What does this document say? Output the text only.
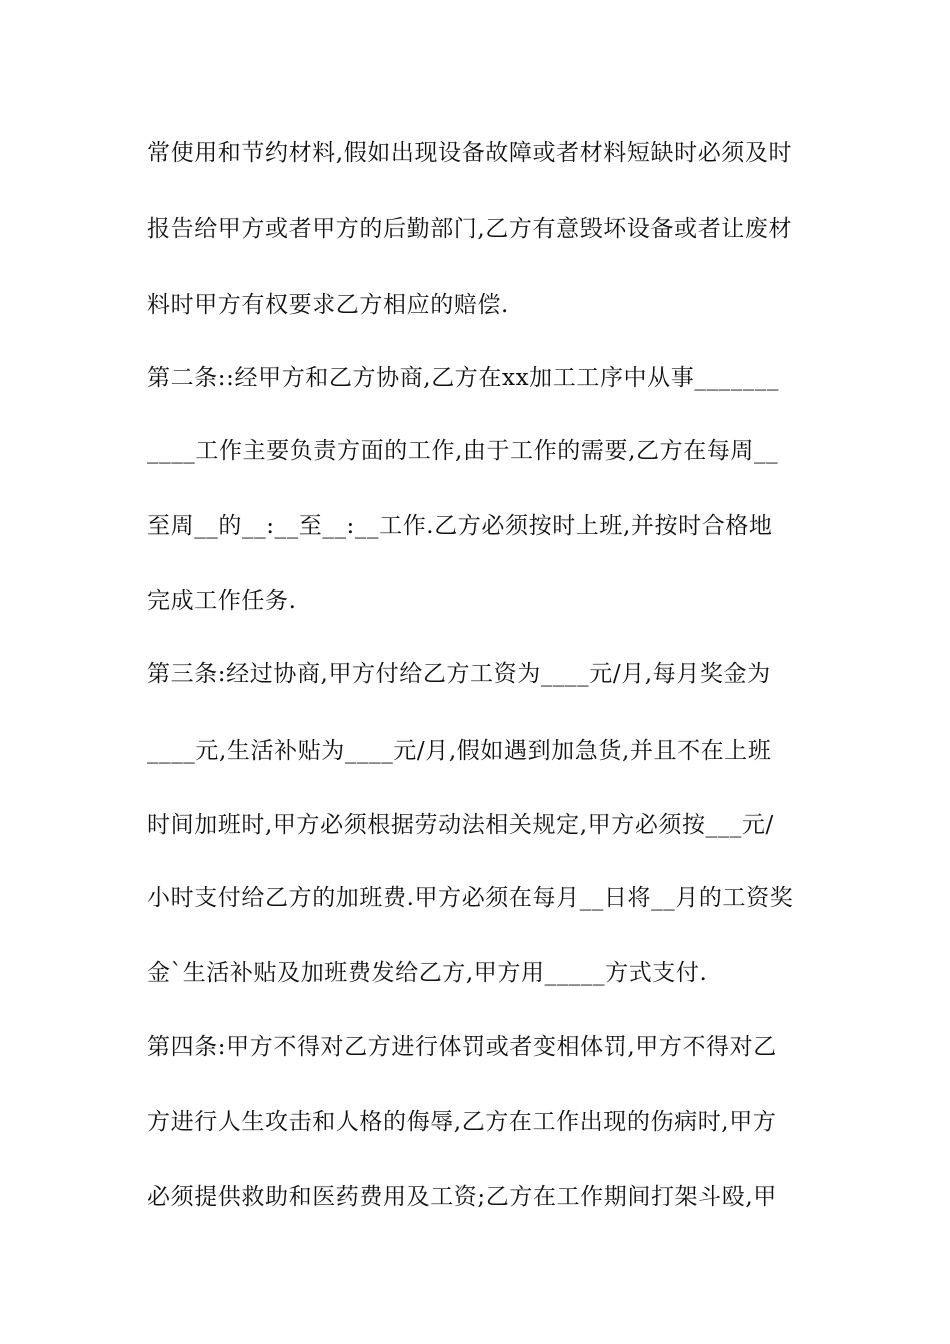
常使用和节约材料,假如出现设备故障或者材料短缺时必须及时
报告给甲方或者甲方的后勤部门,乙方有意毁坏设备或者让废材
料时甲方有权要求乙方相应的赔偿.
第二条::经甲方和乙方协商,乙方在xx加工工序中从事_______
____工作主要负责方面的工作,由于工作的需要,乙方在每周__
至周__的__:__至__:__工作.乙方必须按时上班,并按时合格地
完成工作任务.
第三条:经过协商,甲方付给乙方工资为____元/月,每月奖金为
____元,生活补贴为____元/月,假如遇到加急货,并且不在上班
时间加班时,甲方必须根据劳动法相关规定,甲方必须按___元/
小时支付给乙方的加班费.甲方必须在每月__日将__月的工资奖
金`生活补贴及加班费发给乙方,甲方用_____方式支付.
第四条:甲方不得对乙方进行体罚或者变相体罚,甲方不得对乙
方进行人生攻击和人格的侮辱,乙方在工作出现的伤病时,甲方
必须提供救助和医药费用及工资;乙方在工作期间打架斗殴,甲
